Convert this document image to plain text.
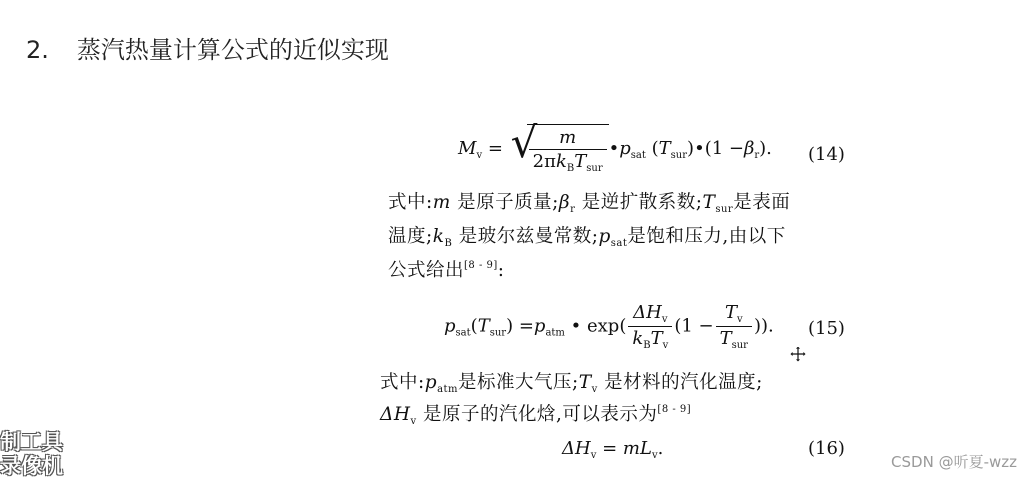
2. 蒸汽热量计算公式的近似实现
$M_v$ = √
$\frac{m}{2\pi k_BT_{sur}}$ $•p_{sat}$ $(T_{sur})•(1 -\beta_r)$. (14)
式中:m 是原子质量$;\beta_r$ 是逆扩散系数$;T_{sur}$是表面
温度$;k_B$ 是玻尔兹曼常数$;p_{sat}$是饱和压力,由以下
公式给出[8 - 9]:
$p_{sat}(T_{sur}) =p_{atm}$ • $\exp( \frac{\Delta H_v}{k_BT_v} (1 - \frac{T_v}{T_{sur}}$ )). (15)
式中$:p_{atm}$是标准大气压$;T_v$ 是材料的汽化温度;
$\Delta H_v$ 是原子的汽化焓,可以表示为[8 - 9]
$\Delta H_v = mL_v$.	(16)
CSDN @听夏-wzz
制工具
录像机
